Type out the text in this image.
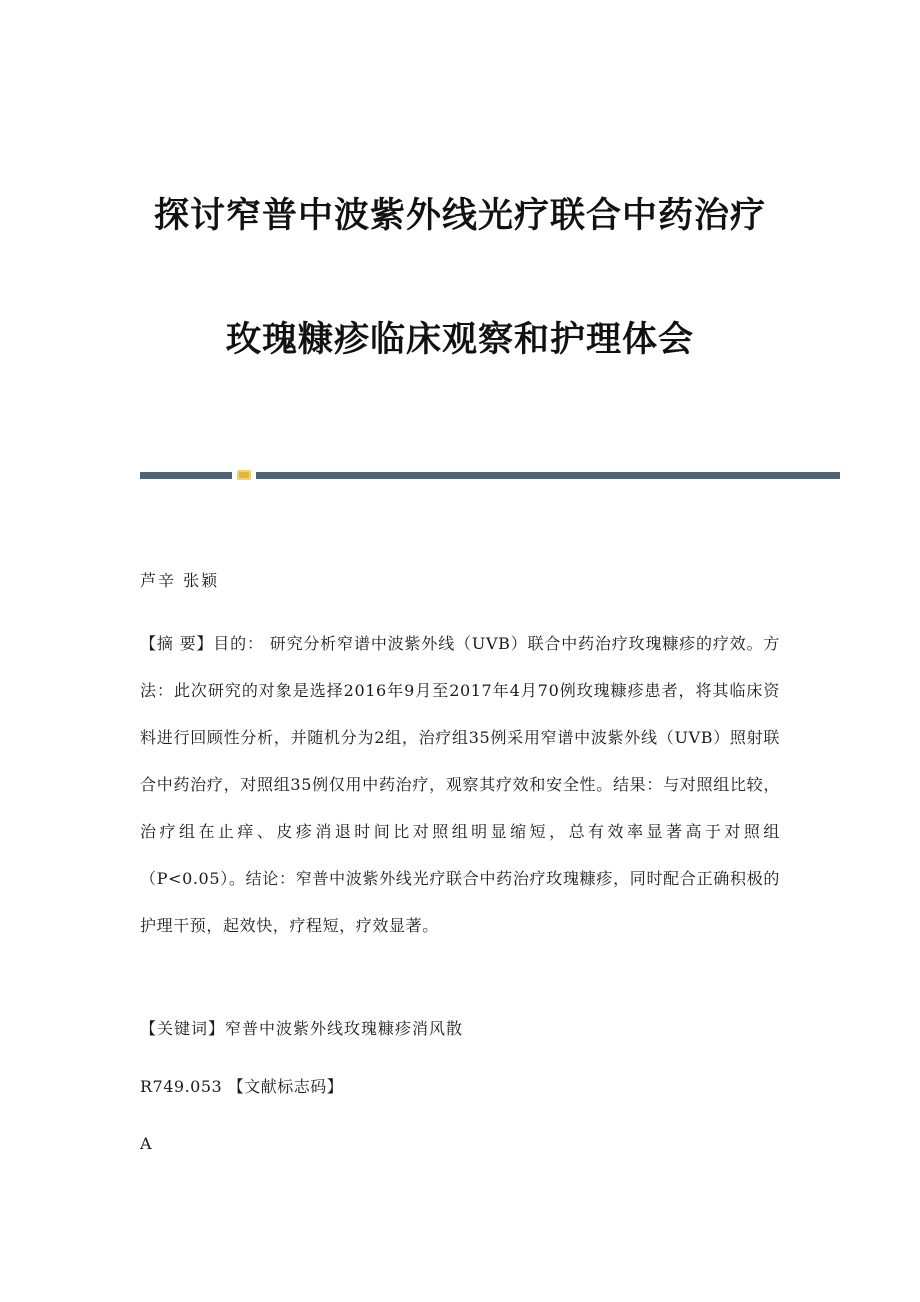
探讨窄普中波紫外线光疗联合中药治疗
玫瑰糠疹临床观察和护理体会
芦辛 张颖

【摘 要】目的： 研究分析窄谱中波紫外线（UVB）联合中药治疗玫瑰糠疹的疗效。方法：此次研究的对象是选择2016年9月至2017年4月70例玫瑰糠疹患者，将其临床资料进行回顾性分析，并随机分为2组，治疗组35例采用窄谱中波紫外线（UVB）照射联合中药治疗，对照组35例仅用中药治疗，观察其疗效和安全性。结果：与对照组比较，治疗组在止痒、皮疹消退时间比对照组明显缩短，总有效率显著高于对照组（P<0.05）。结论：窄普中波紫外线光疗联合中药治疗玫瑰糠疹，同时配合正确积极的护理干预，起效快，疗程短，疗效显著。

【关键词】窄普中波紫外线玫瑰糠疹消风散
R749.053 【文献标志码】
A
